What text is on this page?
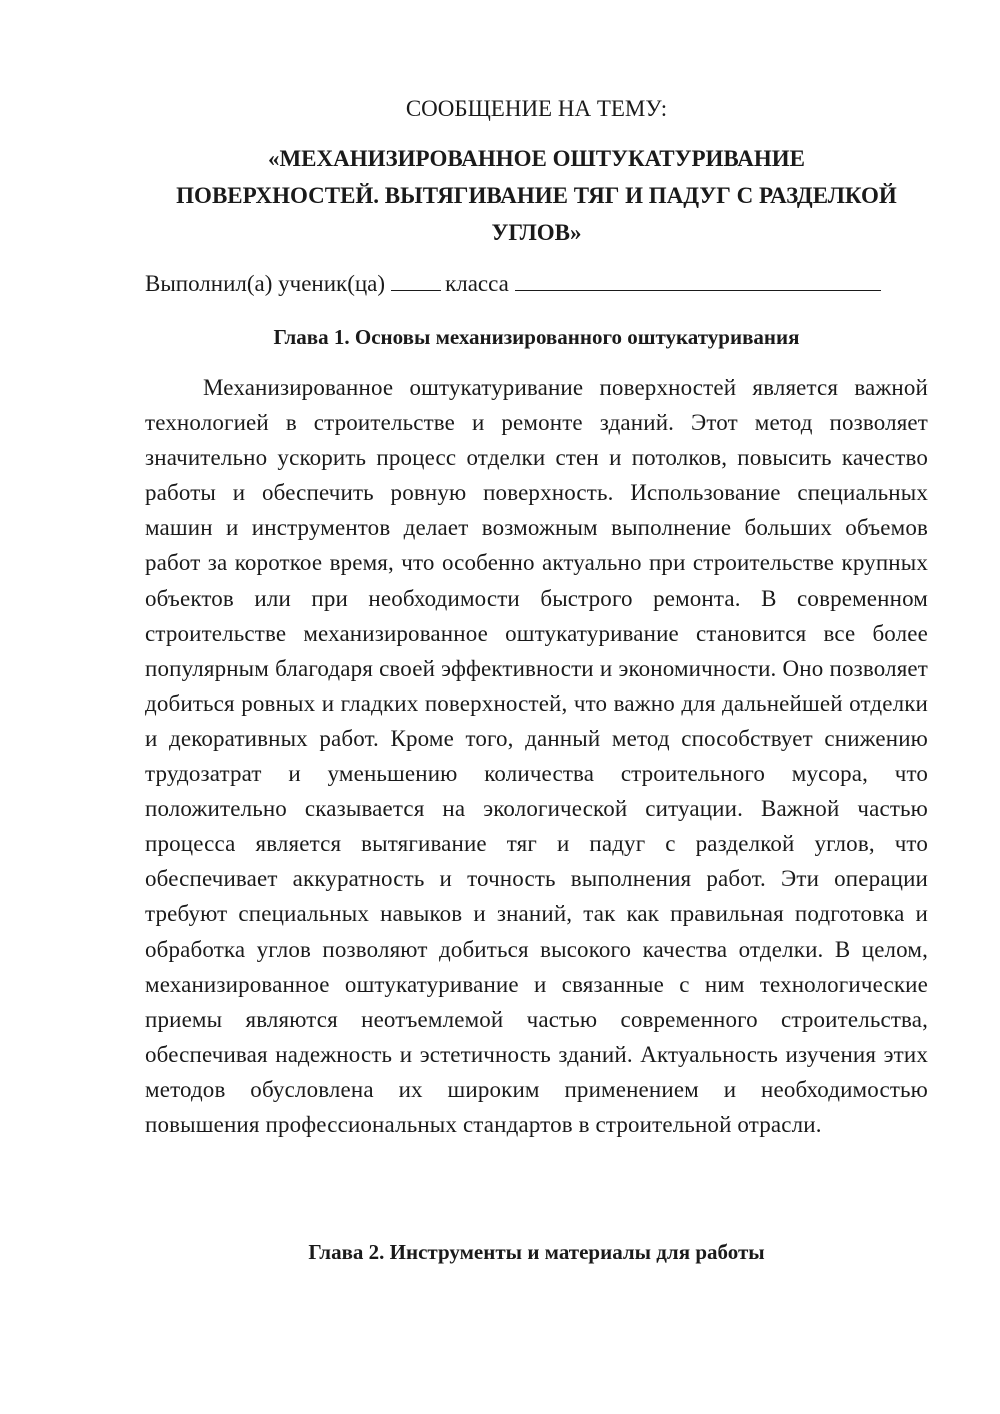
СООБЩЕНИЕ НА ТЕМУ:
«МЕХАНИЗИРОВАННОЕ ОШТУКАТУРИВАНИЕ
ПОВЕРХНОСТЕЙ. ВЫТЯГИВАНИЕ ТЯГ И ПАДУГ С РАЗДЕЛКОЙ
УГЛОВ»
Выполнил(а) ученик(ца)	класса
Глава 1. Основы механизированного оштукатуривания

Механизированное оштукатуривание поверхностей является важной технологией в строительстве и ремонте зданий. Этот метод позволяет значительно ускорить процесс отделки стен и потолков, повысить качество работы и обеспечить ровную поверхность. Использование специальных машин и инструментов делает возможным выполнение больших объемов работ за короткое время, что особенно актуально при строительстве крупных объектов или при необходимости быстрого ремонта. В современном строительстве механизированное оштукатуривание становится все более популярным благодаря своей эффективности и экономичности. Оно позволяет добиться ровных и гладких поверхностей, что важно для дальнейшей отделки и декоративных работ. Кроме того, данный метод способствует снижению трудозатрат и уменьшению количества строительного мусора, что положительно сказывается на экологической ситуации. Важной частью процесса является вытягивание тяг и падуг с разделкой углов, что обеспечивает аккуратность и точность выполнения работ. Эти операции требуют специальных навыков и знаний, так как правильная подготовка и обработка углов позволяют добиться высокого качества отделки. В целом, механизированное оштукатуривание и связанные с ним технологические приемы являются неотъемлемой частью современного строительства, обеспечивая надежность и эстетичность зданий. Актуальность изучения этих методов обусловлена их широким применением и необходимостью повышения профессиональных стандартов в строительной отрасли.

Глава 2. Инструменты и материалы для работы
